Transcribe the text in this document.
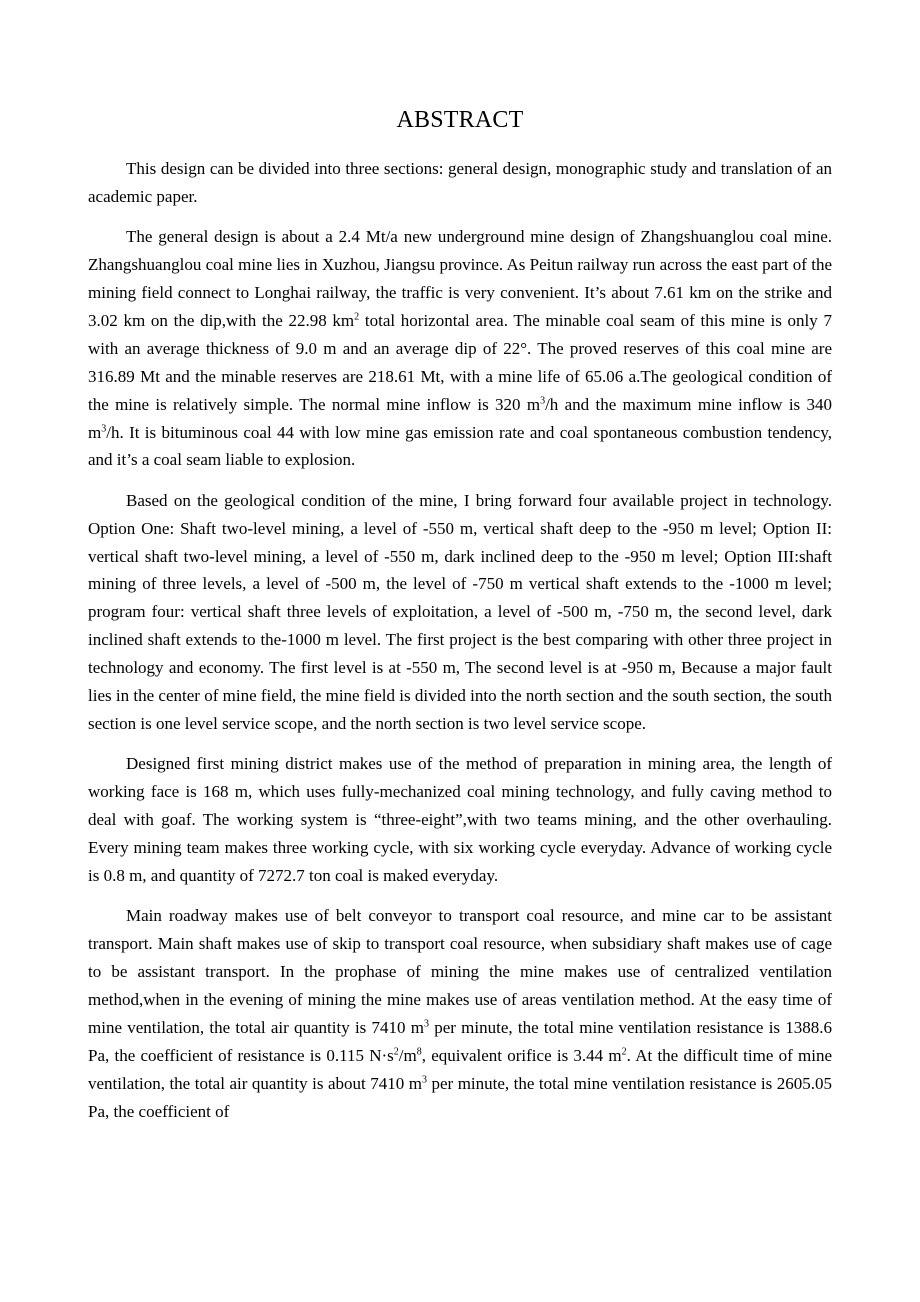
ABSTRACT

This design can be divided into three sections: general design, monographic study and translation of an academic paper.

The general design is about a 2.4 Mt/a new underground mine design of Zhangshuanglou coal mine. Zhangshuanglou coal mine lies in Xuzhou, Jiangsu province. As Peitun railway run across the east part of the mining field connect to Longhai railway, the traffic is very convenient. It’s about 7.61 km on the strike and 3.02 km on the dip,with the 22.98 $km^2$ total horizontal area. The minable coal seam of this mine is only 7 with an average thickness of 9.0 m and an average dip of 22°. The proved reserves of this coal mine are 316.89 Mt and the minable reserves are 218.61 Mt, with a mine life of 65.06 a.The geological condition of the mine is relatively simple. The normal mine inflow is 320 $m^3/h$ and the maximum mine inflow is 340 $m^3/h$. It is bituminous coal 44 with low mine gas emission rate and coal spontaneous combustion tendency, and it’s a coal seam liable to explosion.

Based on the geological condition of the mine, I bring forward four available project in technology. Option One: Shaft two-level mining, a level of -550 m, vertical shaft deep to the -950 m level; Option II: vertical shaft two-level mining, a level of -550 m, dark inclined deep to the -950 m level; Option III:shaft mining of three levels, a level of -500 m, the level of -750 m vertical shaft extends to the -1000 m level; program four: vertical shaft three levels of exploitation, a level of -500 m, -750 m, the second level, dark inclined shaft extends to the-1000 m level. The first project is the best comparing with other three project in technology and economy. The first level is at -550 m, The second level is at -950 m, Because a major fault lies in the center of mine field, the mine field is divided into the north section and the south section, the south section is one level service scope, and the north section is two level service scope.

Designed first mining district makes use of the method of preparation in mining area, the length of working face is 168 m, which uses fully-mechanized coal mining technology, and fully caving method to deal with goaf. The working system is “three-eight”,with two teams mining, and the other overhauling. Every mining team makes three working cycle, with six working cycle everyday. Advance of working cycle is 0.8 m, and quantity of 7272.7 ton coal is maked everyday.

Main roadway makes use of belt conveyor to transport coal resource, and mine car to be assistant transport. Main shaft makes use of skip to transport coal resource, when subsidiary shaft makes use of cage to be assistant transport. In the prophase of mining the mine makes use of centralized ventilation method,when in the evening of mining the mine makes use of areas ventilation method. At the easy time of mine ventilation, the total air quantity is 7410 $m^3$ per minute, the total mine ventilation resistance is 1388.6 Pa, the coefficient of resistance is 0.115 $N\cdot s^2/m^8$, equivalent orifice is 3.44 $m^2$. At the difficult time of mine ventilation, the total air quantity is about 7410 $m^3$ per minute, the total mine ventilation resistance is 2605.05 Pa, the coefficient of
